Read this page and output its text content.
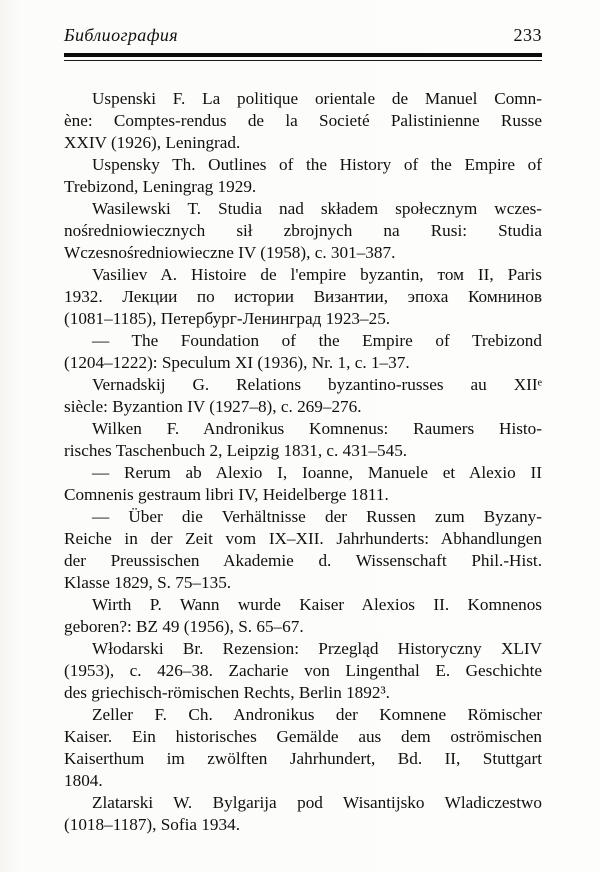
Библиография	233
Uspenski F. La politique orientale de Manuel Comn-
ène: Comptes-rendus de la Societé Palistinienne Russe
XXIV (1926), Leningrad.
Uspensky Th. Outlines of the History of the Empire of
Trebizond, Leningrag 1929.
Wasilewski T. Studia nad składem społecznym wczes-
nośredniowiecznych sił zbrojnych na Rusi: Studia
Wczesnośredniowieczne IV (1958), c. 301–387.
Vasiliev A. Histoire de l'empire byzantin, том II, Paris
1932. Лекции по истории Византии, эпоха Комнинов
(1081–1185), Петербург-Ленинград 1923–25.
— The Foundation of the Empire of Trebizond
(1204–1222): Speculum XI (1936), Nr. 1, c. 1–37.
Vernadskij G. Relations byzantino-russes au XIIᵉ
siècle: Byzantion IV (1927–8), c. 269–276.
Wilken F. Andronikus Komnenus: Raumers Histo-
risches Taschenbuch 2, Leipzig 1831, c. 431–545.
— Rerum ab Alexio I, Ioanne, Manuele et Alexio II
Comnenis gestraum libri IV, Heidelberge 1811.
— Über die Verhältnisse der Russen zum Byzany-
Reiche in der Zeit vom IX–XII. Jahrhunderts: Abhandlungen
der Preussischen Akademie d. Wissenschaft Phil.-Hist.
Klasse 1829, S. 75–135.
Wirth P. Wann wurde Kaiser Alexios II. Komnenos
geboren?: BZ 49 (1956), S. 65–67.
Włodarski Br. Rezension: Przegląd Historyczny XLIV
(1953), c. 426–38. Zacharie von Lingenthal E. Geschichte
des griechisch-römischen Rechts, Berlin 1892³.
Zeller F. Ch. Andronikus der Komnene Römischer
Kaiser. Ein historisches Gemälde aus dem oströmischen
Kaiserthum im zwölften Jahrhundert, Bd. II, Stuttgart
1804.
Zlatarski W. Bylgarija pod Wisantijsko Wladiczestwo
(1018–1187), Sofia 1934.
